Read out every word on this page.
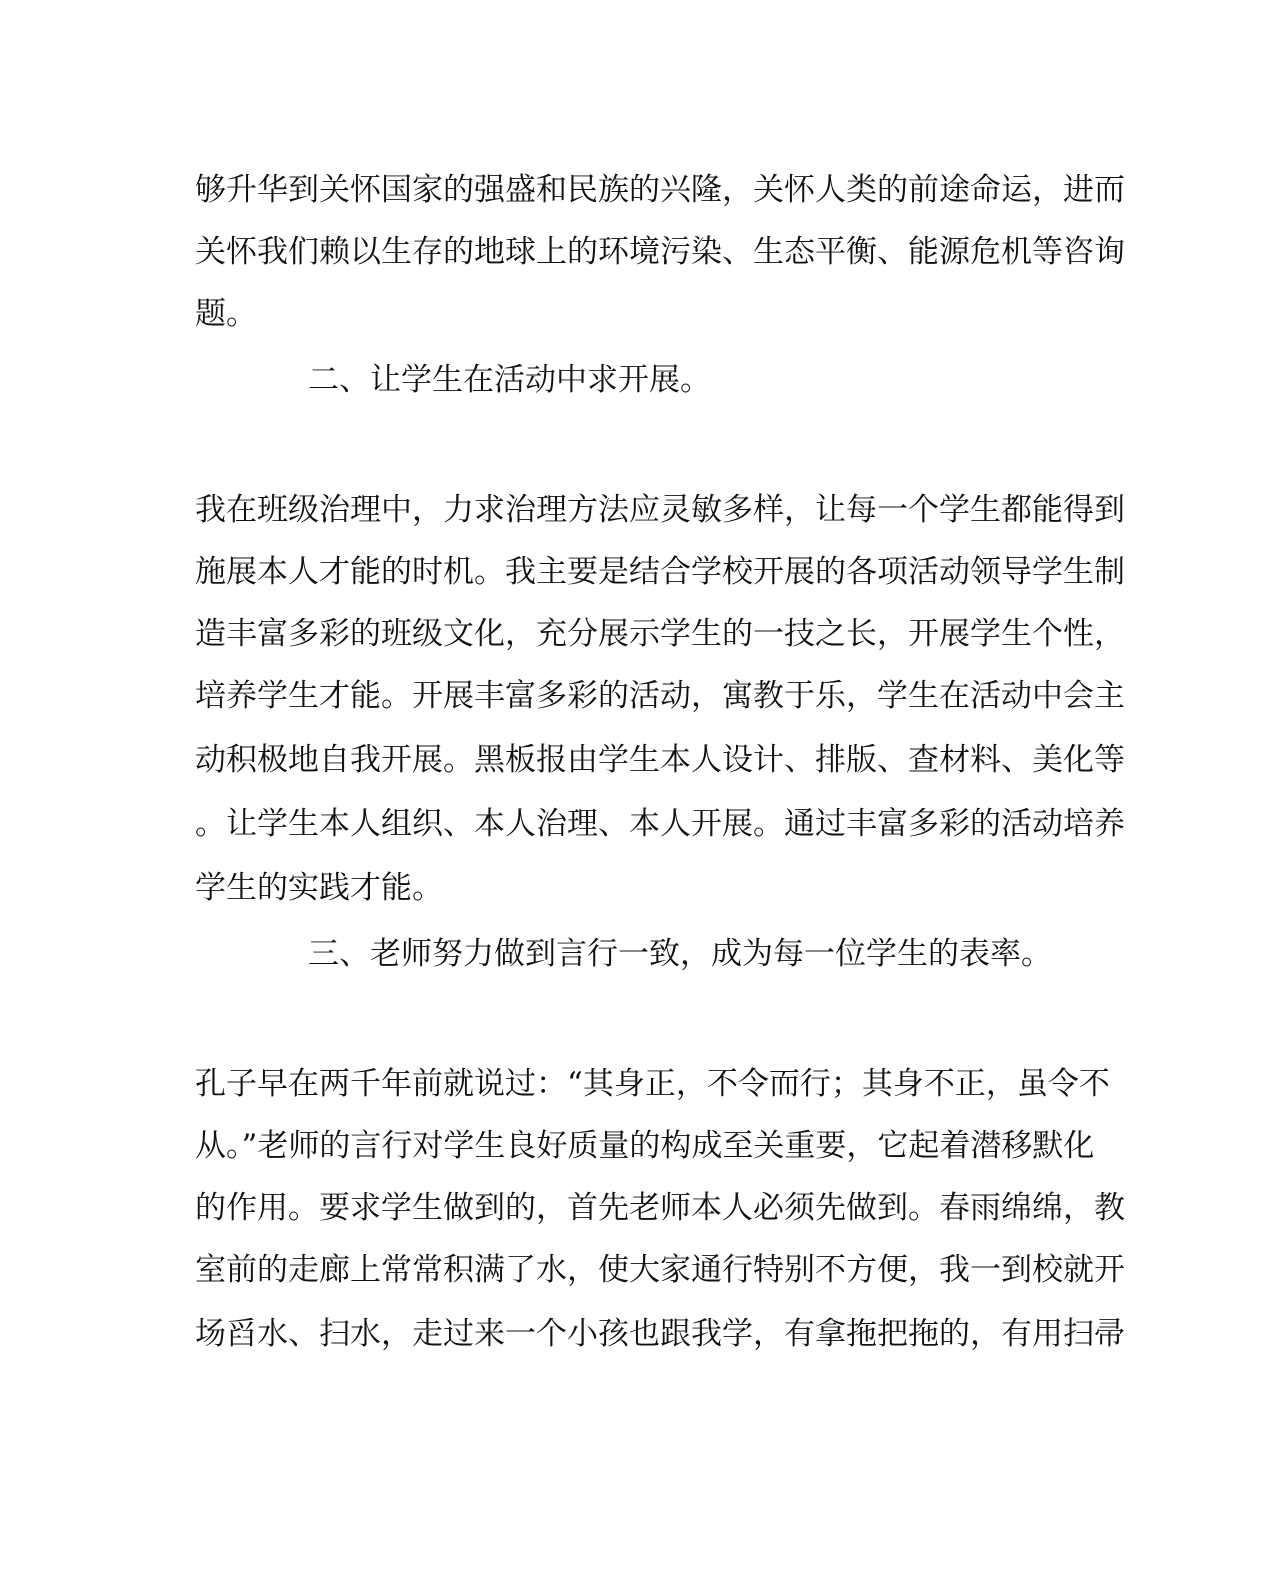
够升华到关怀国家的强盛和民族的兴隆，关怀人类的前途命运，进而
关怀我们赖以生存的地球上的环境污染、生态平衡、能源危机等咨询
题。
二、让学生在活动中求开展。
我在班级治理中，力求治理方法应灵敏多样，让每一个学生都能得到
施展本人才能的时机。我主要是结合学校开展的各项活动领导学生制
造丰富多彩的班级文化，充分展示学生的一技之长，开展学生个性，
培养学生才能。开展丰富多彩的活动，寓教于乐，学生在活动中会主
动积极地自我开展。黑板报由学生本人设计、排版、查材料、美化等
。让学生本人组织、本人治理、本人开展。通过丰富多彩的活动培养
学生的实践才能。
三、老师努力做到言行一致，成为每一位学生的表率。
孔子早在两千年前就说过：“其身正，不令而行；其身不正，虽令不
从。”老师的言行对学生良好质量的构成至关重要，它起着潜移默化
的作用。要求学生做到的，首先老师本人必须先做到。春雨绵绵，教
室前的走廊上常常积满了水，使大家通行特别不方便，我一到校就开
场舀水、扫水，走过来一个小孩也跟我学，有拿拖把拖的，有用扫帚
